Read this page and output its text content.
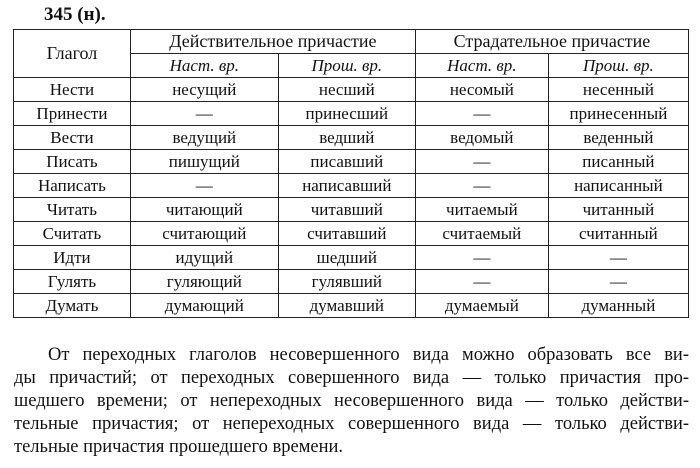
345 (н).
Глагол	Действительное причастие		Страдательное причастие	
	Наст. вр.	Прош. вр.	Наст. вр.	Прош. вр.
Нести	несущий	несший	несомый	несенный
Принести	—	принесший	—	принесенный
Вести	ведущий	ведший	ведомый	веденный
Писать	пишущий	писавший	—	писанный
Написать	—	написавший	—	написанный
Читать	читающий	читавший	читаемый	читанный
Считать	считающий	считавший	считаемый	считанный
Идти	идущий	шедший	—	—
Гулять	гуляющий	гулявший	—	—
Думать	думающий	думавший	думаемый	думанный
От переходных глаголов несовершенного вида можно образовать все ви-
ды причастий; от переходных совершенного вида — только причастия про-
шедшего времени; от непереходных несовершенного вида — только действи-
тельные причастия; от непереходных совершенного вида — только действи-
тельные причастия прошедшего времени.
